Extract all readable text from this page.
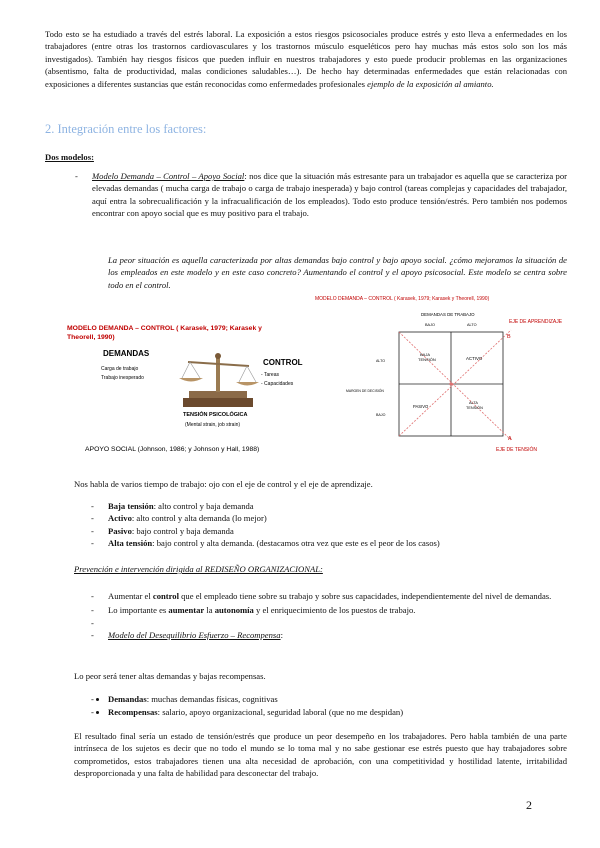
Todo esto se ha estudiado a través del estrés laboral. La exposición a estos riesgos psicosociales produce estrés y esto lleva a enfermedades en los trabajadores (entre otras los trastornos cardiovasculares y los trastornos músculo esqueléticos pero hay muchas más estos solo son los más investigados). También hay riesgos físicos que pueden influir en nuestros trabajadores y esto puede producir problemas en las organizaciones (absentismo, falta de productividad, malas condiciones saludables…). De hecho hay determinadas enfermedades que están relacionadas con exposiciones a diferentes sustancias que están reconocidas como enfermedades profesionales ejemplo de la exposición al amianto.

2. Integración entre los factores:

Dos modelos:

- Modelo Demanda – Control – Apoyo Social: nos dice que la situación más estresante para un trabajador es aquella que se caracteriza por elevadas demandas ( mucha carga de trabajo o carga de trabajo inesperada) y bajo control (tareas complejas y capacidades del trabajador, aquí entra la sobrecualificación y la infracualificación de los empleados). Todo esto produce tensión/estrés. Pero también nos podemos encontrar con apoyo social que es muy positivo para el trabajo.

La peor situación es aquella caracterizada por altas demandas bajo control y bajo apoyo social. ¿cómo mejoramos la situación de los empleados en este modelo y en este caso concreto? Aumentando el control y el apoyo psicosocial. Este modelo se centra sobre todo en el control.

MODELO DEMANDA – CONTROL ( Karasek, 1979; Karasek y Theorell, 1990)
DEMANDAS
Carga de trabajo
Trabajo inesperado
CONTROL
- Tareas
- Capacidades
TENSIÓN PSICOLÓGICA
(Mental strain, job strain)
APOYO SOCIAL (Johnson, 1986; y Johnson y Hall, 1988)
MODELO DEMANDA – CONTROL ( Karasek, 1979; Karasek y Theorell, 1990)
DEMANDAS DE TRABAJO
BAJO	ALTO
ALTO
BAJO
MARGEN DE DECISIÓN
EJE DE APRENDIZAJE
B
BAJA TENSIÓN	ACTIVO
PASIVO
ALTA TENSIÓN
A
EJE DE TENSIÓN

Nos habla de varios tiempo de trabajo: ojo con el eje de control y el eje de aprendizaje.

- Baja tensión: alto control y baja demanda
- Activo: alto control y alta demanda (lo mejor)
- Pasivo: bajo control y baja demanda
- Alta tensión: bajo control y alta demanda. (destacamos otra vez que este es el peor de los casos)

Prevención e intervención dirigida al REDISEÑO ORGANIZACIONAL:

- Aumentar el control que el empleado tiene sobre su trabajo y sobre sus capacidades, independientemente del nivel de demandas.
- Lo importante es aumentar la autonomía y el enriquecimiento de los puestos de trabajo.
-
- Modelo del Desequilibrio Esfuerzo – Recompensa:

Lo peor será tener altas demandas y bajas recompensas.

• - Demandas: muchas demandas físicas, cognitivas
• - Recompensas: salario, apoyo organizacional, seguridad laboral (que no me despidan)

El resultado final sería un estado de tensión/estrés que produce un peor desempeño en los trabajadores. Pero habla también de una parte intrínseca de los sujetos es decir que no todo el mundo se lo toma mal y no sabe gestionar ese estrés puesto que hay trabajadores sobre comprometidos, estos trabajadores tienen una alta necesidad de aprobación, con una competitividad y hostilidad latente, irritabilidad desproporcionada y una falta de habilidad para desconectar del trabajo.

2
